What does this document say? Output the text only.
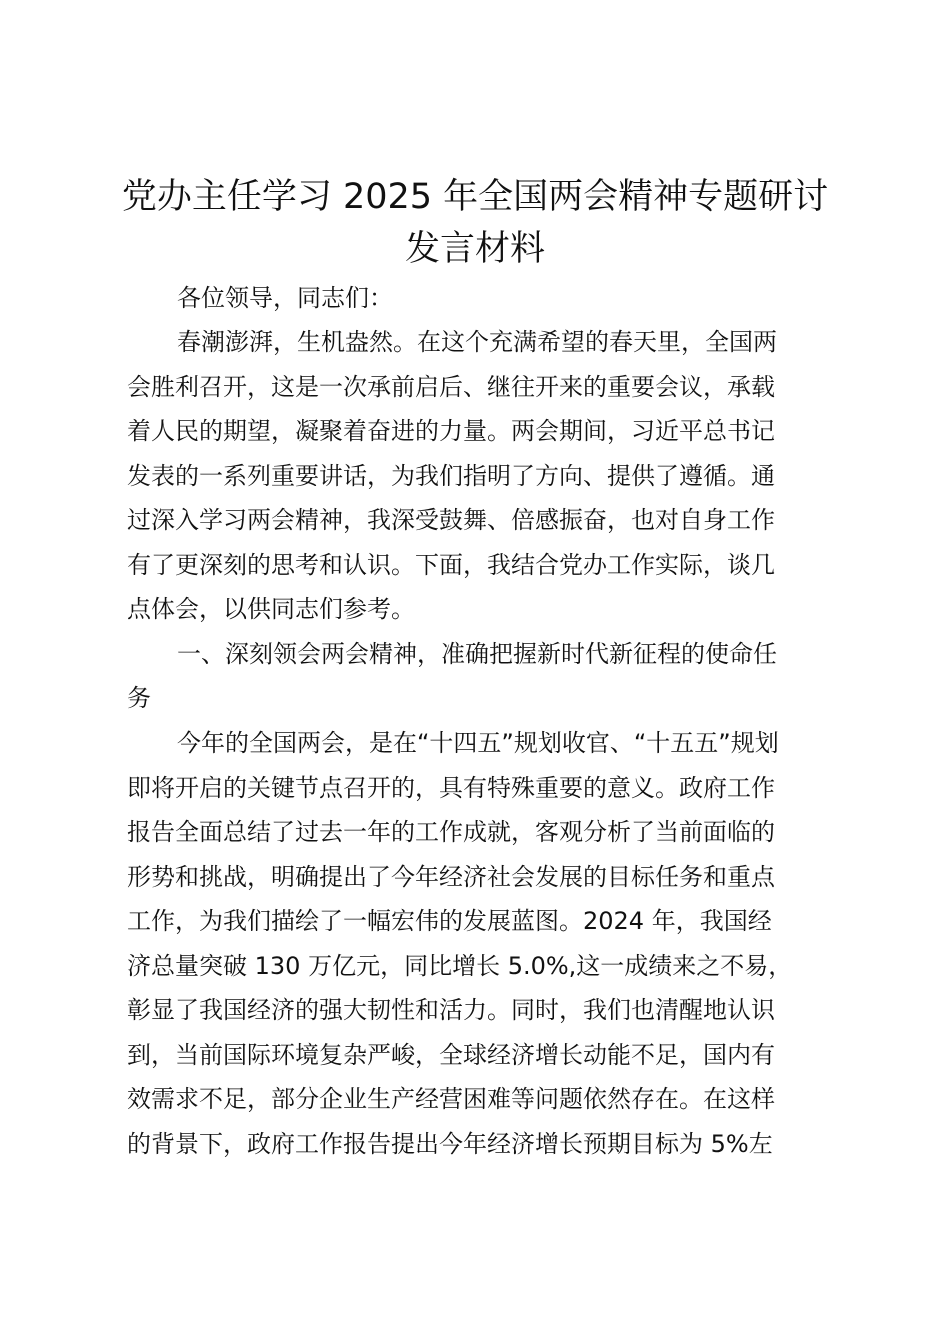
党办主任学习 2025 年全国两会精神专题研讨
发言材料
各位领导，同志们：
春潮澎湃，生机盎然。在这个充满希望的春天里，全国两
会胜利召开，这是一次承前启后、继往开来的重要会议，承载
着人民的期望，凝聚着奋进的力量。两会期间，习近平总书记
发表的一系列重要讲话，为我们指明了方向、提供了遵循。通
过深入学习两会精神，我深受鼓舞、倍感振奋，也对自身工作
有了更深刻的思考和认识。下面，我结合党办工作实际，谈几
点体会，以供同志们参考。
一、深刻领会两会精神，准确把握新时代新征程的使命任
务
今年的全国两会，是在“十四五”规划收官、“十五五”规划
即将开启的关键节点召开的，具有特殊重要的意义。政府工作
报告全面总结了过去一年的工作成就，客观分析了当前面临的
形势和挑战，明确提出了今年经济社会发展的目标任务和重点
工作，为我们描绘了一幅宏伟的发展蓝图。2024 年，我国经
济总量突破 130 万亿元，同比增长 5.0%,这一成绩来之不易，
彰显了我国经济的强大韧性和活力。同时，我们也清醒地认识
到，当前国际环境复杂严峻，全球经济增长动能不足，国内有
效需求不足，部分企业生产经营困难等问题依然存在。在这样
的背景下，政府工作报告提出今年经济增长预期目标为 5%左
